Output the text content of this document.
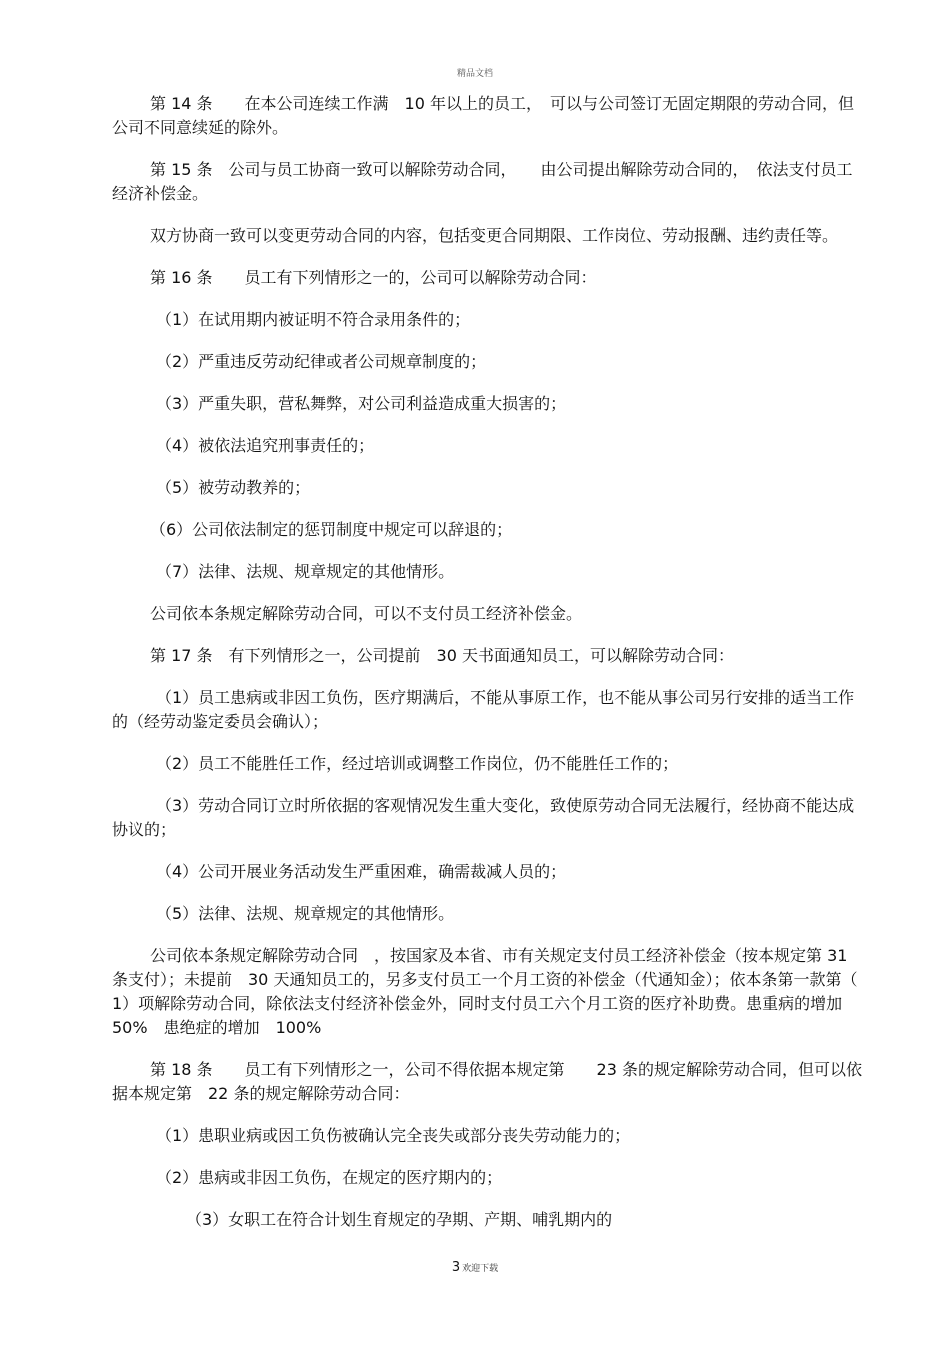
精品文档

第 14 条　　在本公司连续工作满　10 年以上的员工，　可以与公司签订无固定期限的劳动合同，但公司不同意续延的除外。

第 15 条　公司与员工协商一致可以解除劳动合同，　　由公司提出解除劳动合同的，　依法支付员工经济补偿金。

双方协商一致可以变更劳动合同的内容，包括变更合同期限、工作岗位、劳动报酬、违约责任等。

第 16 条　　员工有下列情形之一的，公司可以解除劳动合同：

（1）在试用期内被证明不符合录用条件的；

（2）严重违反劳动纪律或者公司规章制度的；

（3）严重失职，营私舞弊，对公司利益造成重大损害的；

（4）被依法追究刑事责任的；

（5）被劳动教养的；

（6）公司依法制定的惩罚制度中规定可以辞退的；

（7）法律、法规、规章规定的其他情形。

公司依本条规定解除劳动合同，可以不支付员工经济补偿金。

第 17 条　有下列情形之一，公司提前　30 天书面通知员工，可以解除劳动合同：

（1）员工患病或非因工负伤，医疗期满后，不能从事原工作，也不能从事公司另行安排的适当工作的（经劳动鉴定委员会确认）；

（2）员工不能胜任工作，经过培训或调整工作岗位，仍不能胜任工作的；

（3）劳动合同订立时所依据的客观情况发生重大变化，致使原劳动合同无法履行，经协商不能达成协议的；

（4）公司开展业务活动发生严重困难，确需裁减人员的；

（5）法律、法规、规章规定的其他情形。

公司依本条规定解除劳动合同　，按国家及本省、市有关规定支付员工经济补偿金（按本规定第 31 条支付）；未提前　30 天通知员工的，另多支付员工一个月工资的补偿金（代通知金）；依本条第一款第（　1）项解除劳动合同，除依法支付经济补偿金外，同时支付员工六个月工资的医疗补助费。患重病的增加　　50%　患绝症的增加　100%

第 18 条　　员工有下列情形之一，公司不得依据本规定第　　23 条的规定解除劳动合同，但可以依据本规定第　22 条的规定解除劳动合同：

（1）患职业病或因工负伤被确认完全丧失或部分丧失劳动能力的；

（2）患病或非因工负伤，在规定的医疗期内的；

（3）女职工在符合计划生育规定的孕期、产期、哺乳期内的

3 欢迎下载
